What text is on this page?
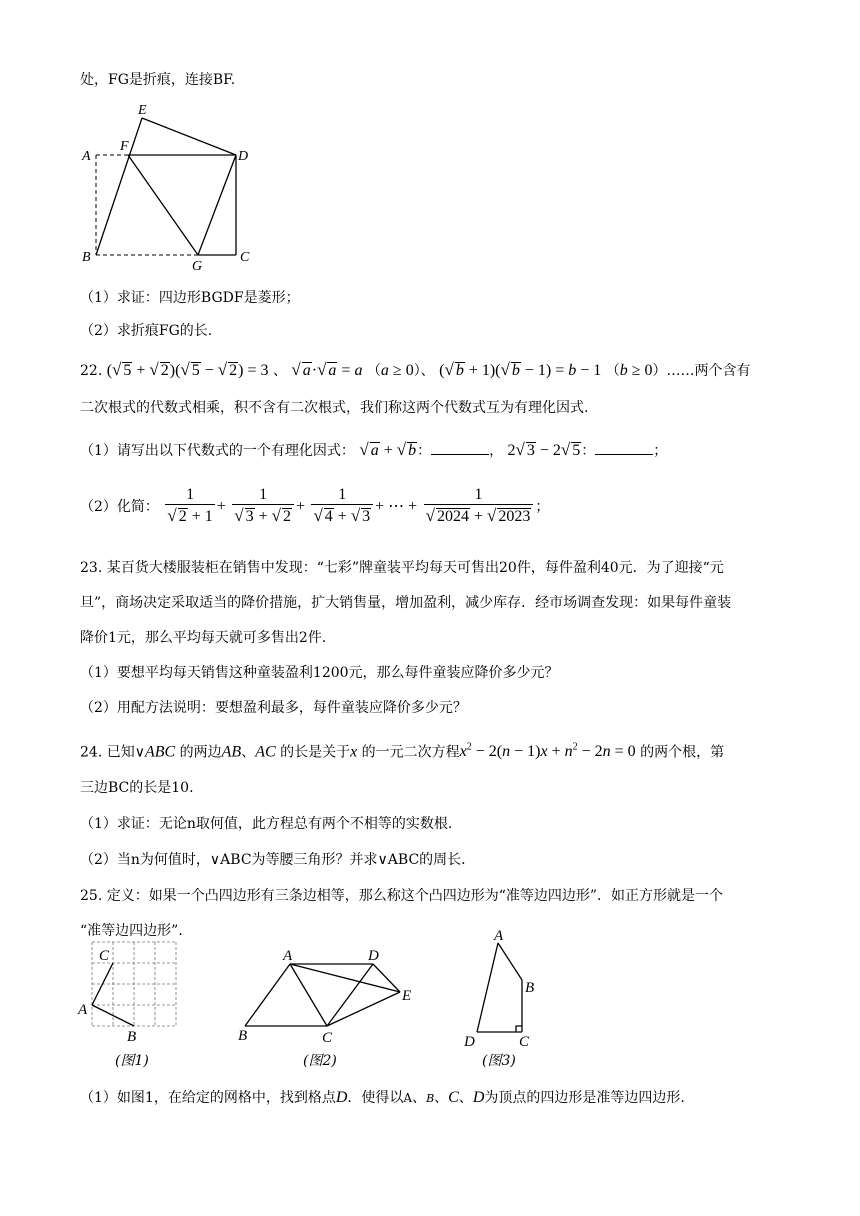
处，FG是折痕，连接BF.
A
B	C
D
E
F
G
（1）求证：四边形BGDF是菱形；
（2）求折痕FG的长.
22. (√ 5 + √ 2)(√ 5 − √ 2) = 3 、 √ a·√ a = a （a ≥ 0）、 (√ b + 1)(√ b − 1) = b − 1 （b ≥ 0）……两个含有
二次根式的代数式相乘，积不含有二次根式，我们称这两个代数式互为有理化因式.
（1）请写出以下代数式的一个有理化因式： √ a + √ b：	， 2√ 3 − 2√ 5：	；
（2）化简： $\frac{1}{√ 2 + 1} + \frac{1}{√ 3 + √ 2} + \frac{1}{√ 4 + √ 3}$ + ⋯ + $\frac{1}{√ 2024 + √ 2023}$ ；
23. 某百货大楼服装柜在销售中发现：“七彩”牌童装平均每天可售出20件，每件盈利40元．为了迎接“元
旦”，商场决定采取适当的降价措施，扩大销售量，增加盈利，减少库存．经市场调查发现：如果每件童装
降价1元，那么平均每天就可多售出2件．
（1）要想平均每天销售这种童装盈利1200元，那么每件童装应降价多少元？
（2）用配方法说明：要想盈利最多，每件童装应降价多少元？
24. 已知∨ABC 的两边AB、AC 的长是关于x 的一元二次方程$x^2 - 2(n - 1)x + n^2 - 2n = 0$ 的两个根，第
三边BC的长是10.
（1）求证：无论n取何值，此方程总有两个不相等的实数根.
（2）当n为何值时，∨ABC为等腰三角形？并求∨ABC的周长.
25. 定义：如果一个凸四边形有三条边相等，那么称这个凸四边形为“准等边四边形”．如正方形就是一个
“准等边四边形”．
C
A
B
(图1)
A	D
E
B	C
(图2)
A
B
D	C
(图3)
（1）如图1，在给定的网格中，找到格点D．使得以A、B、C、D为顶点的四边形是准等边四边形.
